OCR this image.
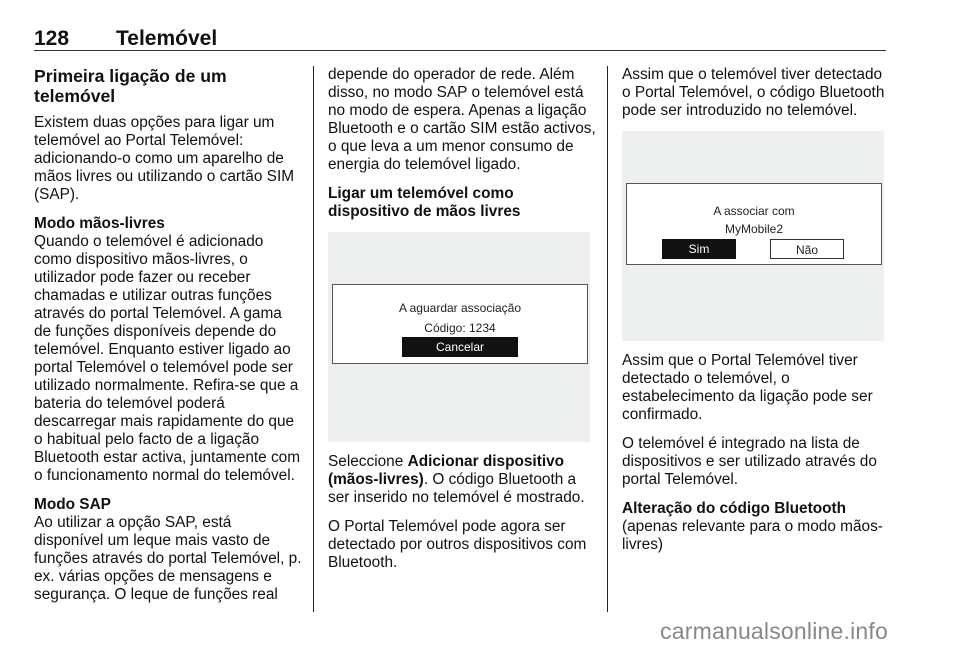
128 Telemóvel
Primeira ligação de um telemóvel

Existem duas opções para ligar um telemóvel ao Portal Telemóvel: adicionando-o como um aparelho de mãos livres ou utilizando o cartão SIM (SAP).

Modo mãos-livres
Quando o telemóvel é adicionado como dispositivo mãos-livres, o utilizador pode fazer ou receber chamadas e utilizar outras funções através do portal Telemóvel. A gama de funções disponíveis depende do telemóvel. Enquanto estiver ligado ao portal Telemóvel o telemóvel pode ser utilizado normalmente. Refira-se que a bateria do telemóvel poderá descarregar mais rapidamente do que o habitual pelo facto de a ligação Bluetooth estar activa, juntamente com o funcionamento normal do telemóvel.

Modo SAP
Ao utilizar a opção SAP, está disponível um leque mais vasto de funções através do portal Telemóvel, p. ex. várias opções de mensagens e segurança. O leque de funções real

depende do operador de rede. Além disso, no modo SAP o telemóvel está no modo de espera. Apenas a ligação Bluetooth e o cartão SIM estão activos, o que leva a um menor consumo de energia do telemóvel ligado.

Ligar um telemóvel como dispositivo de mãos livres

A aguardar associação
Código: 1234
Cancelar

Seleccione Adicionar dispositivo (mãos-livres). O código Bluetooth a ser inserido no telemóvel é mostrado.

O Portal Telemóvel pode agora ser detectado por outros dispositivos com Bluetooth.

Assim que o telemóvel tiver detectado o Portal Telemóvel, o código Bluetooth pode ser introduzido no telemóvel.

A associar com
MyMobile2
Sim	Não

Assim que o Portal Telemóvel tiver detectado o telemóvel, o estabelecimento da ligação pode ser confirmado.

O telemóvel é integrado na lista de dispositivos e ser utilizado através do portal Telemóvel.

Alteração do código Bluetooth
(apenas relevante para o modo mãos-livres)

carmanualsonline.info
